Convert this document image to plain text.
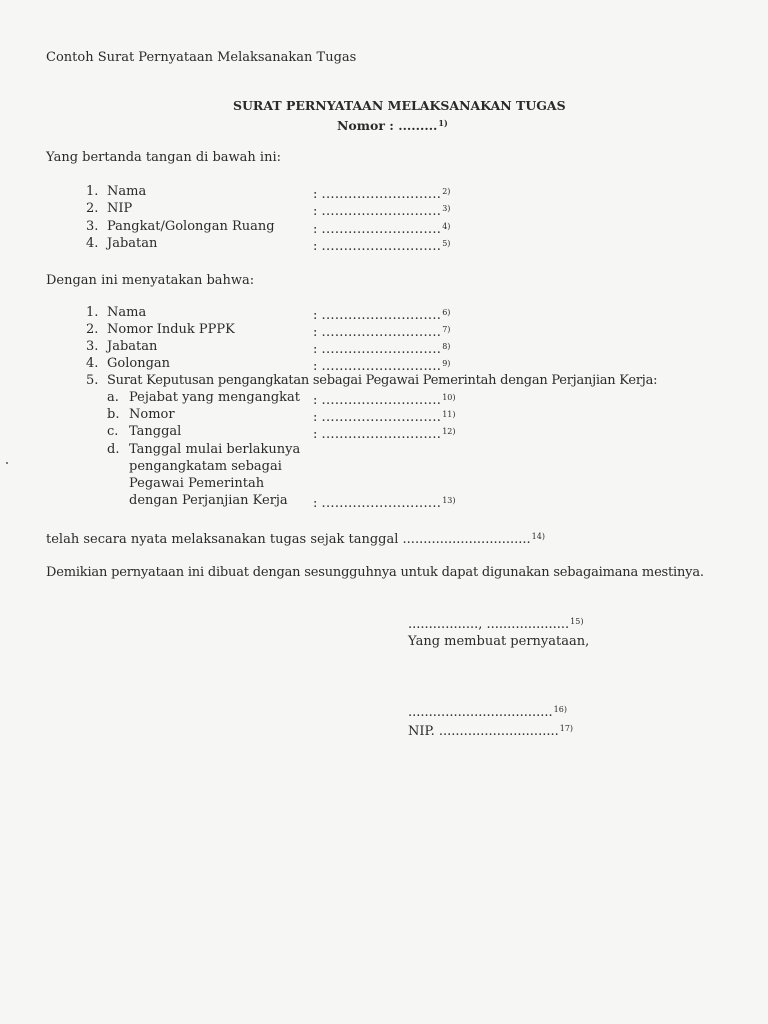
Contoh Surat Pernyataan Melaksanakan Tugas
SURAT PERNYATAAN MELAKSANAKAN TUGAS
Nomor : .........$^{1)}$
Yang bertanda tangan di bawah ini:
1. Nama	: ...........................$^{2)}$
2. NIP	: ...........................$^{3)}$
3. Pangkat/Golongan Ruang	: ...........................$^{4)}$
4. Jabatan	: ...........................$^{5)}$
Dengan ini menyatakan bahwa:
1. Nama	: ...........................$^{6)}$
2. Nomor Induk PPPK	: ...........................$^{7)}$
3. Jabatan	: ...........................$^{8)}$
4. Golongan	: ...........................$^{9)}$
5. Surat Keputusan pengangkatan sebagai Pegawai Pemerintah dengan Perjanjian Kerja:
a. Pejabat yang mengangkat : ...........................$^{10)}$
b. Nomor	: ...........................$^{11)}$
c. Tanggal	: ...........................$^{12)}$
d. Tanggal mulai berlakunya
pengangkatam sebagai
Pegawai Pemerintah
dengan Perjanjian Kerja : ...........................$^{13)}$
telah secara nyata melaksanakan tugas sejak tanggal ...............................$^{14)}$
Demikian pernyataan ini dibuat dengan sesungguhnya untuk dapat digunakan sebagaimana mestinya.
................., ....................$^{15)}$
Yang membuat pernyataan,
...................................$^{16)}$
NIP. .............................$^{17)}$
